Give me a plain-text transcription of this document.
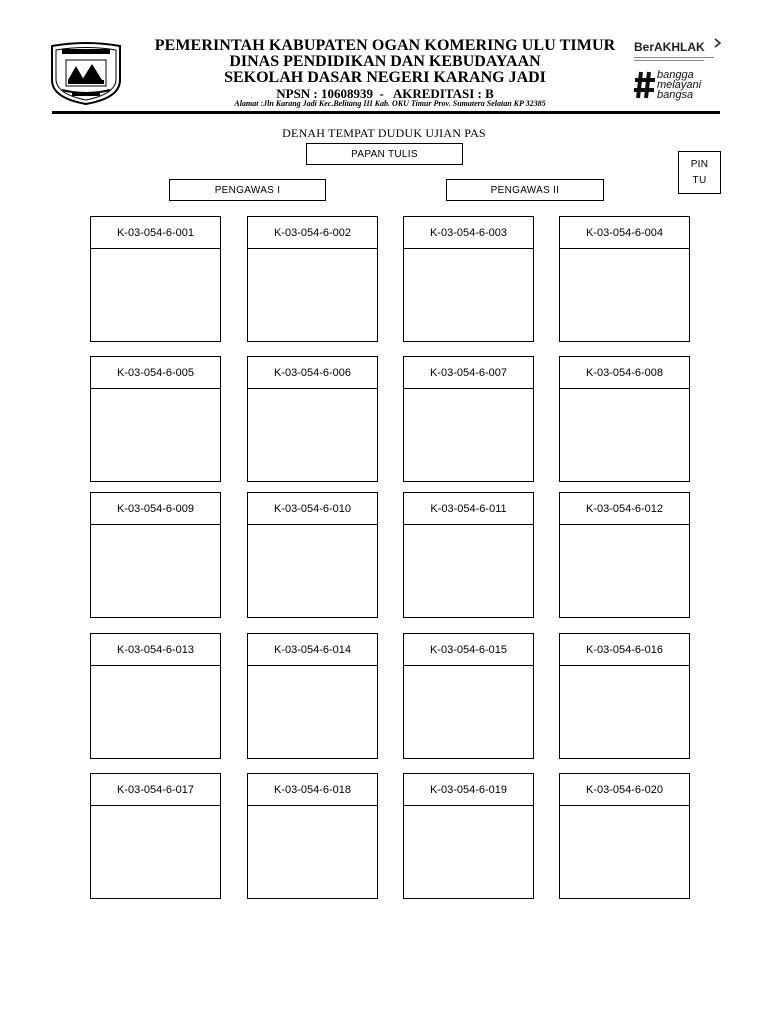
PEMERINTAH KABUPATEN OGAN KOMERING ULU TIMUR
DINAS PENDIDIKAN DAN KEBUDAYAAN
SEKOLAH DASAR NEGERI KARANG JADI
NPSN : 10608939  -   AKREDITASI : B
Alamat :Jln Karang Jadi Kec.Belitang III Kab. OKU Timur Prov. Sumatera Selatan KP 32385
BerAKHLAK
bangga
melayani
bangsa
DENAH TEMPAT DUDUK UJIAN PAS
PAPAN TULIS
PIN
TU
PENGAWAS I	PENGAWAS II
K-03-054-6-001	K-03-054-6-002	K-03-054-6-003	K-03-054-6-004
K-03-054-6-005	K-03-054-6-006	K-03-054-6-007	K-03-054-6-008
K-03-054-6-009	K-03-054-6-010	K-03-054-6-011	K-03-054-6-012
K-03-054-6-013	K-03-054-6-014	K-03-054-6-015	K-03-054-6-016
K-03-054-6-017	K-03-054-6-018	K-03-054-6-019	K-03-054-6-020
